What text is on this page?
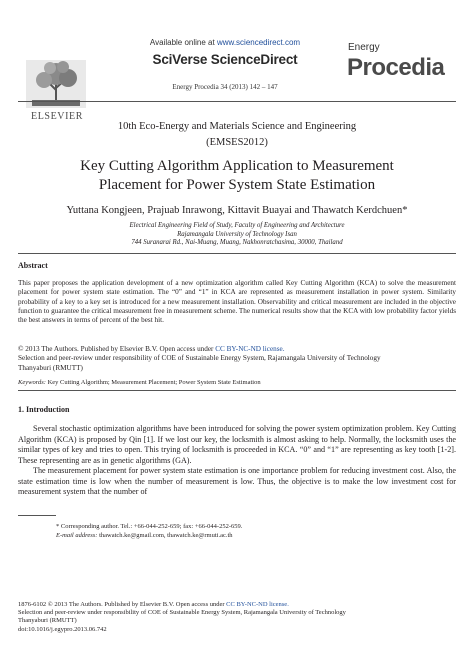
ELSEVIER
Available online at www.sciencedirect.com
SciVerse ScienceDirect
Energy Procedia 34 (2013) 142 – 147
Energy
Procedia
10th Eco-Energy and Materials Science and Engineering
(EMSES2012)
Key Cutting Algorithm Application to Measurement
Placement for Power System State Estimation
Yuttana Kongjeen, Prajuab Inrawong, Kittavit Buayai and Thawatch Kerdchuen*
Electrical Engineering Field of Study, Faculty of Engineering and Architecture
Rajamangala University of Technology Isan
744 Suranarai Rd., Nai-Muang, Muang, Nakhonratchasima, 30000, Thailand
Abstract
This paper proposes the application development of a new optimization algorithm called Key Cutting Algorithm (KCA) to solve the measurement placement for power system state estimation. The “0” and “1” in KCA are represented as measurement installation in power system. Similarity probability of a key to a key set is introduced for a new measurement installation. Observability and critical measurement are included in the objective function to guarantee the critical measurement free in measurement scheme. The numerical results show that the KCA with low probability factor yields the best answers in terms of percent of the best hit.
© 2013 The Authors. Published by Elsevier B.V. Open access under CC BY-NC-ND license.
Selection and peer-review under responsibility of COE of Sustainable Energy System, Rajamangala University of Technology
Thanyaburi (RMUTT)
Keywords: Key Cutting Algorithm; Measurement Placement; Power System State Estimation
1. Introduction

Several stochastic optimization algorithms have been introduced for solving the power system optimization problem. Key Cutting Algorithm (KCA) is proposed by Qin [1]. If we lost our key, the locksmith is almost asking to help. Normally, the locksmith uses the similar types of key and tries to open. This trying of locksmith is proceeded in KCA. “0” and “1” are representing as key tooth [1-2]. These representing are as in genetic algorithms (GA).

The measurement placement for power system state estimation is one importance problem for reducing investment cost. Also, the state estimation time is low when the number of measurement is low. Thus, the objective is to make the low investment cost for measurement system that the number of

* Corresponding author. Tel.: +66-044-252-659; fax: +66-044-252-659.
E-mail address: thawatch.ke@gmail.com, thawatch.ke@rmuti.ac.th
1876-6102 © 2013 The Authors. Published by Elsevier B.V. Open access under CC BY-NC-ND license.
Selection and peer-review under responsibility of COE of Sustainable Energy System, Rajamangala University of Technology
Thanyaburi (RMUTT)
doi:10.1016/j.egypro.2013.06.742
